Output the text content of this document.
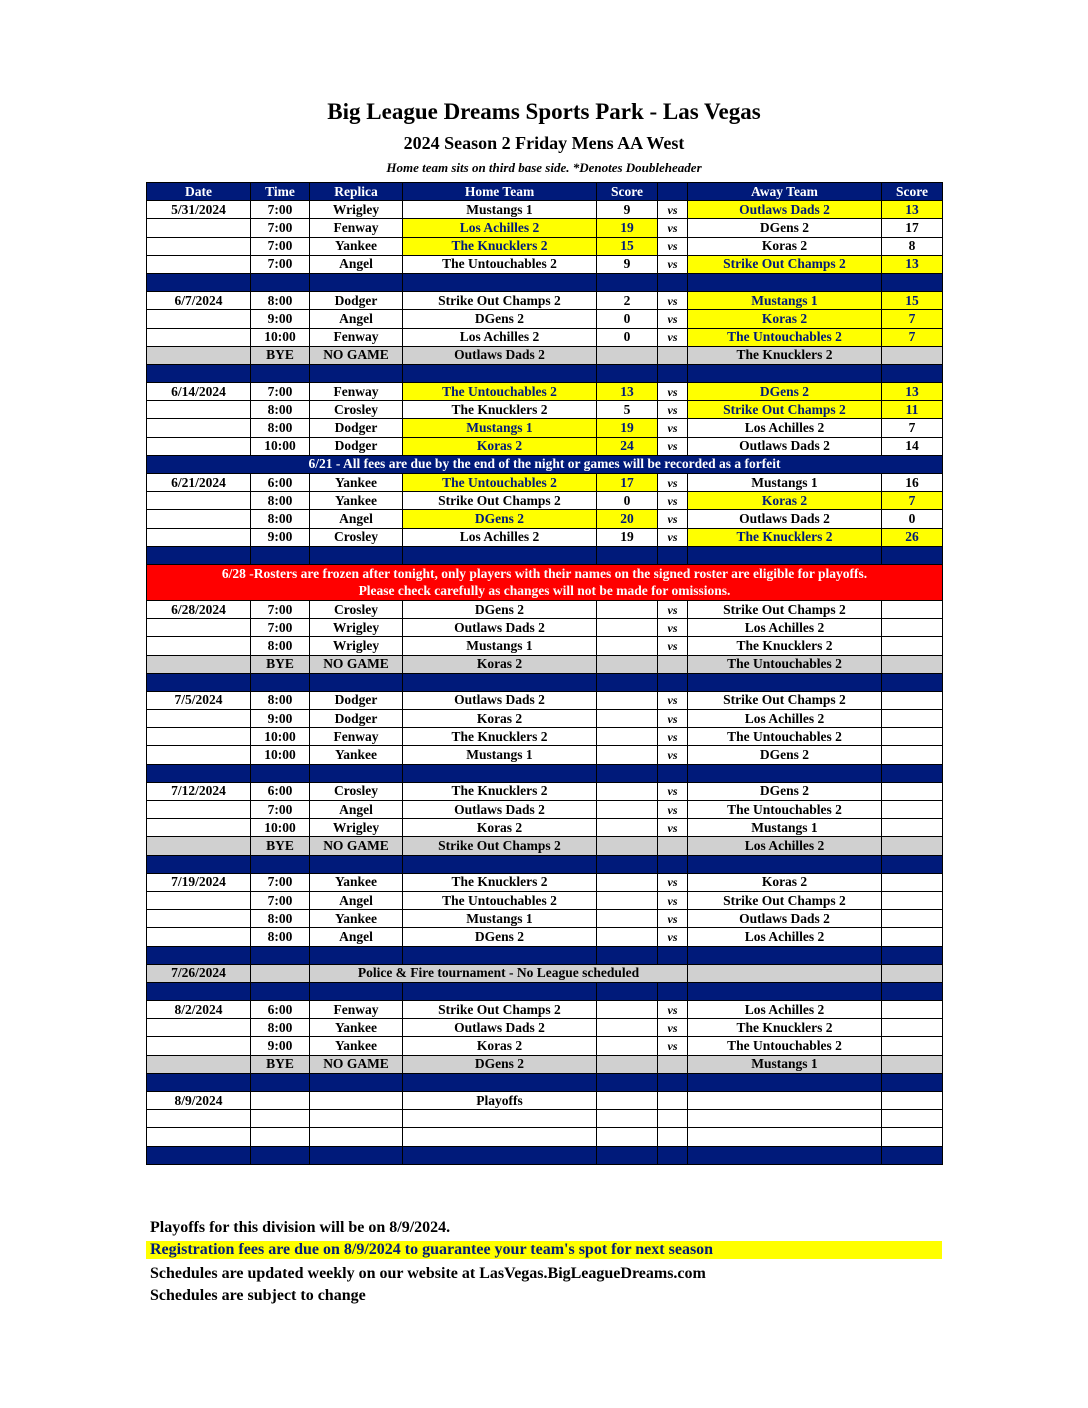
Big League Dreams Sports Park - Las Vegas
2024 Season 2 Friday Mens AA West
Home team sits on third base side. *Denotes Doubleheader
Date	Time	Replica	Home Team	Score		Away Team	Score
5/31/2024	7:00	Wrigley	Mustangs 1	9	vs	Outlaws Dads 2	13
	7:00	Fenway	Los Achilles 2	19	vs	DGens 2	17
	7:00	Yankee	The Knucklers 2	15	vs	Koras 2	8
	7:00	Angel	The Untouchables 2	9	vs	Strike Out Champs 2	13

6/7/2024	8:00	Dodger	Strike Out Champs 2	2	vs	Mustangs 1	15
	9:00	Angel	DGens 2	0	vs	Koras 2	7
	10:00	Fenway	Los Achilles 2	0	vs	The Untouchables 2	7
	BYE	NO GAME	Outlaws Dads 2			The Knucklers 2	

6/14/2024	7:00	Fenway	The Untouchables 2	13	vs	DGens 2	13
	8:00	Crosley	The Knucklers 2	5	vs	Strike Out Champs 2	11
	8:00	Dodger	Mustangs 1	19	vs	Los Achilles 2	7
	10:00	Dodger	Koras 2	24	vs	Outlaws Dads 2	14
6/21 - All fees are due by the end of the night or games will be recorded as a forfeit							
6/21/2024	6:00	Yankee	The Untouchables 2	17	vs	Mustangs 1	16
	8:00	Yankee	Strike Out Champs 2	0	vs	Koras 2	7
	8:00	Angel	DGens 2	20	vs	Outlaws Dads 2	0
	9:00	Crosley	Los Achilles 2	19	vs	The Knucklers 2	26

6/28 -Rosters are frozen after tonight, only players with their names on the signed roster are eligible for playoffs.
Please check carefully as changes will not be made for omissions.							

6/28/2024	7:00	Crosley	DGens 2		vs	Strike Out Champs 2	
	7:00	Wrigley	Outlaws Dads 2		vs	Los Achilles 2	
	8:00	Wrigley	Mustangs 1		vs	The Knucklers 2	
	BYE	NO GAME	Koras 2			The Untouchables 2	

7/5/2024	8:00	Dodger	Outlaws Dads 2		vs	Strike Out Champs 2	
	9:00	Dodger	Koras 2		vs	Los Achilles 2	
	10:00	Fenway	The Knucklers 2		vs	The Untouchables 2	
	10:00	Yankee	Mustangs 1		vs	DGens 2	

7/12/2024	6:00	Crosley	The Knucklers 2		vs	DGens 2	
	7:00	Angel	Outlaws Dads 2		vs	The Untouchables 2	
	10:00	Wrigley	Koras 2		vs	Mustangs 1	
	BYE	NO GAME	Strike Out Champs 2			Los Achilles 2	

7/19/2024	7:00	Yankee	The Knucklers 2		vs	Koras 2	
	7:00	Angel	The Untouchables 2		vs	Strike Out Champs 2	
	8:00	Yankee	Mustangs 1		vs	Outlaws Dads 2	
	8:00	Angel	DGens 2		vs	Los Achilles 2	

7/26/2024		Police & Fire tournament - No League scheduled					

8/2/2024	6:00	Fenway	Strike Out Champs 2		vs	Los Achilles 2	
	8:00	Yankee	Outlaws Dads 2		vs	The Knucklers 2	
	9:00	Yankee	Koras 2		vs	The Untouchables 2	
	BYE	NO GAME	DGens 2			Mustangs 1	

8/9/2024			Playoffs				

Playoffs for this division will be on 8/9/2024.
Registration fees are due on 8/9/2024 to guarantee your team's spot for next season
Schedules are updated weekly on our website at LasVegas.BigLeagueDreams.com
Schedules are subject to change
